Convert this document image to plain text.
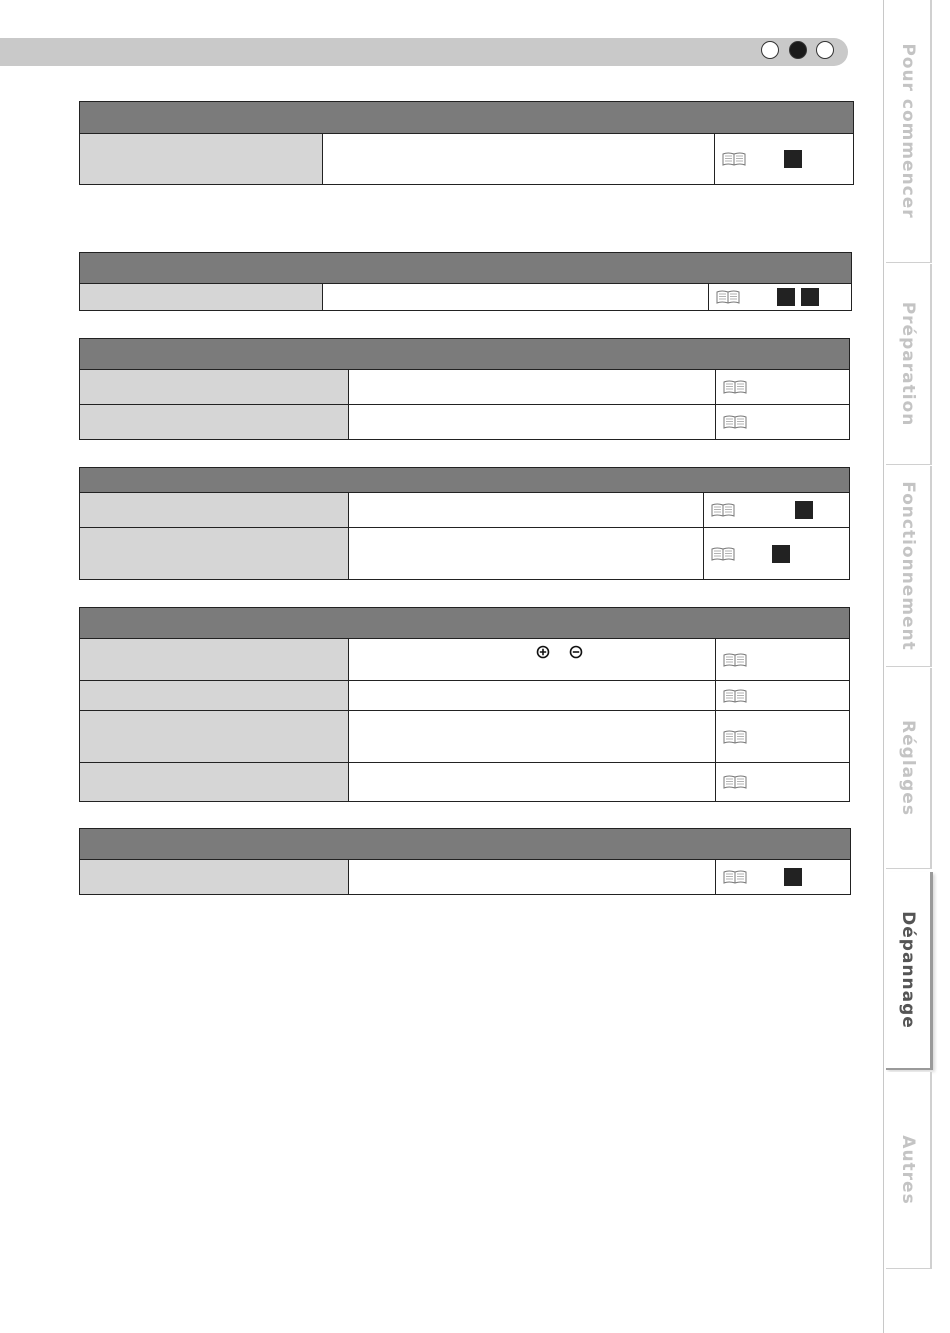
Pour commencer
Préparation
Fonctionnement
Réglages
Dépannage
Autres
